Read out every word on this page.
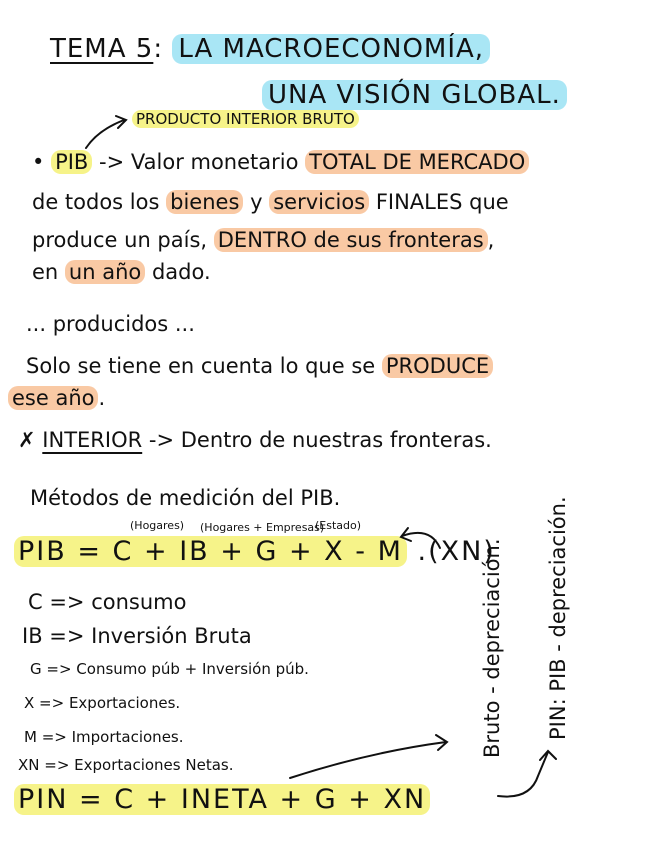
TEMA 5: LA MACROECONOMÍA,
UNA VISIÓN GLOBAL.
PRODUCTO INTERIOR BRUTO
• PIB -> Valor monetario TOTAL DE MERCADO
de todos los bienes y servicios FINALES que
produce un país, DENTRO de sus fronteras ,
en un año dado.
... producidos ...
Solo se tiene en cuenta lo que se PRODUCE
ese año .
✗ INTERIOR -> Dentro de nuestras fronteras.
Métodos de medición del PIB.
(Hogares) (Hogares + Empresas)
(Estado)
PIB = C + IB + G + X - M .(XN)
C => consumo
IB => Inversión Bruta
G => Consumo púb + Inversión púb.
X => Exportaciones.
M => Importaciones.
XN => Exportaciones Netas.
PIN = C + INETA + G + XN
Bruto - depreciación. PIN: PIB - depreciación.
